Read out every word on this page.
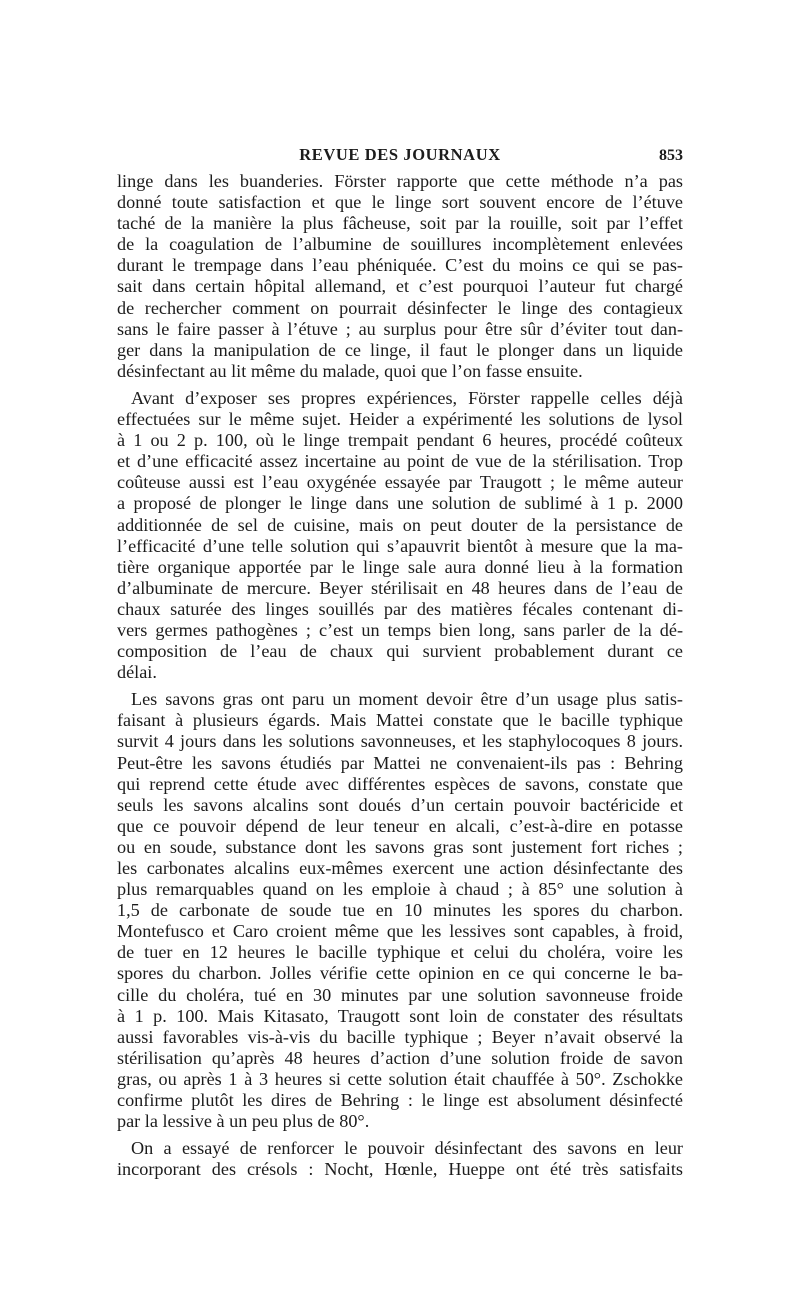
REVUE DES JOURNAUX	853
linge dans les buanderies. Förster rapporte que cette méthode n’a pas
donné toute satisfaction et que le linge sort souvent encore de l’étuve
taché de la manière la plus fâcheuse, soit par la rouille, soit par l’effet
de la coagulation de l’albumine de souillures incomplètement enlevées
durant le trempage dans l’eau phéniquée. C’est du moins ce qui se pas-
sait dans certain hôpital allemand, et c’est pourquoi l’auteur fut chargé
de rechercher comment on pourrait désinfecter le linge des contagieux
sans le faire passer à l’étuve ; au surplus pour être sûr d’éviter tout dan-
ger dans la manipulation de ce linge, il faut le plonger dans un liquide
désinfectant au lit même du malade, quoi que l’on fasse ensuite.
Avant d’exposer ses propres expériences, Förster rappelle celles déjà
effectuées sur le même sujet. Heider a expérimenté les solutions de lysol
à 1 ou 2 p. 100, où le linge trempait pendant 6 heures, procédé coûteux
et d’une efficacité assez incertaine au point de vue de la stérilisation. Trop
coûteuse aussi est l’eau oxygénée essayée par Traugott ; le même auteur
a proposé de plonger le linge dans une solution de sublimé à 1 p. 2000
additionnée de sel de cuisine, mais on peut douter de la persistance de
l’efficacité d’une telle solution qui s’apauvrit bientôt à mesure que la ma-
tière organique apportée par le linge sale aura donné lieu à la formation
d’albuminate de mercure. Beyer stérilisait en 48 heures dans de l’eau de
chaux saturée des linges souillés par des matières fécales contenant di-
vers germes pathogènes ; c’est un temps bien long, sans parler de la dé-
composition de l’eau de chaux qui survient probablement durant ce
délai.
Les savons gras ont paru un moment devoir être d’un usage plus satis-
faisant à plusieurs égards. Mais Mattei constate que le bacille typhique
survit 4 jours dans les solutions savonneuses, et les staphylocoques 8 jours.
Peut-être les savons étudiés par Mattei ne convenaient-ils pas : Behring
qui reprend cette étude avec différentes espèces de savons, constate que
seuls les savons alcalins sont doués d’un certain pouvoir bactéricide et
que ce pouvoir dépend de leur teneur en alcali, c’est-à-dire en potasse
ou en soude, substance dont les savons gras sont justement fort riches ;
les carbonates alcalins eux-mêmes exercent une action désinfectante des
plus remarquables quand on les emploie à chaud ; à 85° une solution à
1,5 de carbonate de soude tue en 10 minutes les spores du charbon.
Montefusco et Caro croient même que les lessives sont capables, à froid,
de tuer en 12 heures le bacille typhique et celui du choléra, voire les
spores du charbon. Jolles vérifie cette opinion en ce qui concerne le ba-
cille du choléra, tué en 30 minutes par une solution savonneuse froide
à 1 p. 100. Mais Kitasato, Traugott sont loin de constater des résultats
aussi favorables vis-à-vis du bacille typhique ; Beyer n’avait observé la
stérilisation qu’après 48 heures d’action d’une solution froide de savon
gras, ou après 1 à 3 heures si cette solution était chauffée à 50°. Zschokke
confirme plutôt les dires de Behring : le linge est absolument désinfecté
par la lessive à un peu plus de 80°.
On a essayé de renforcer le pouvoir désinfectant des savons en leur
incorporant des crésols : Nocht, Hœnle, Hueppe ont été très satisfaits
